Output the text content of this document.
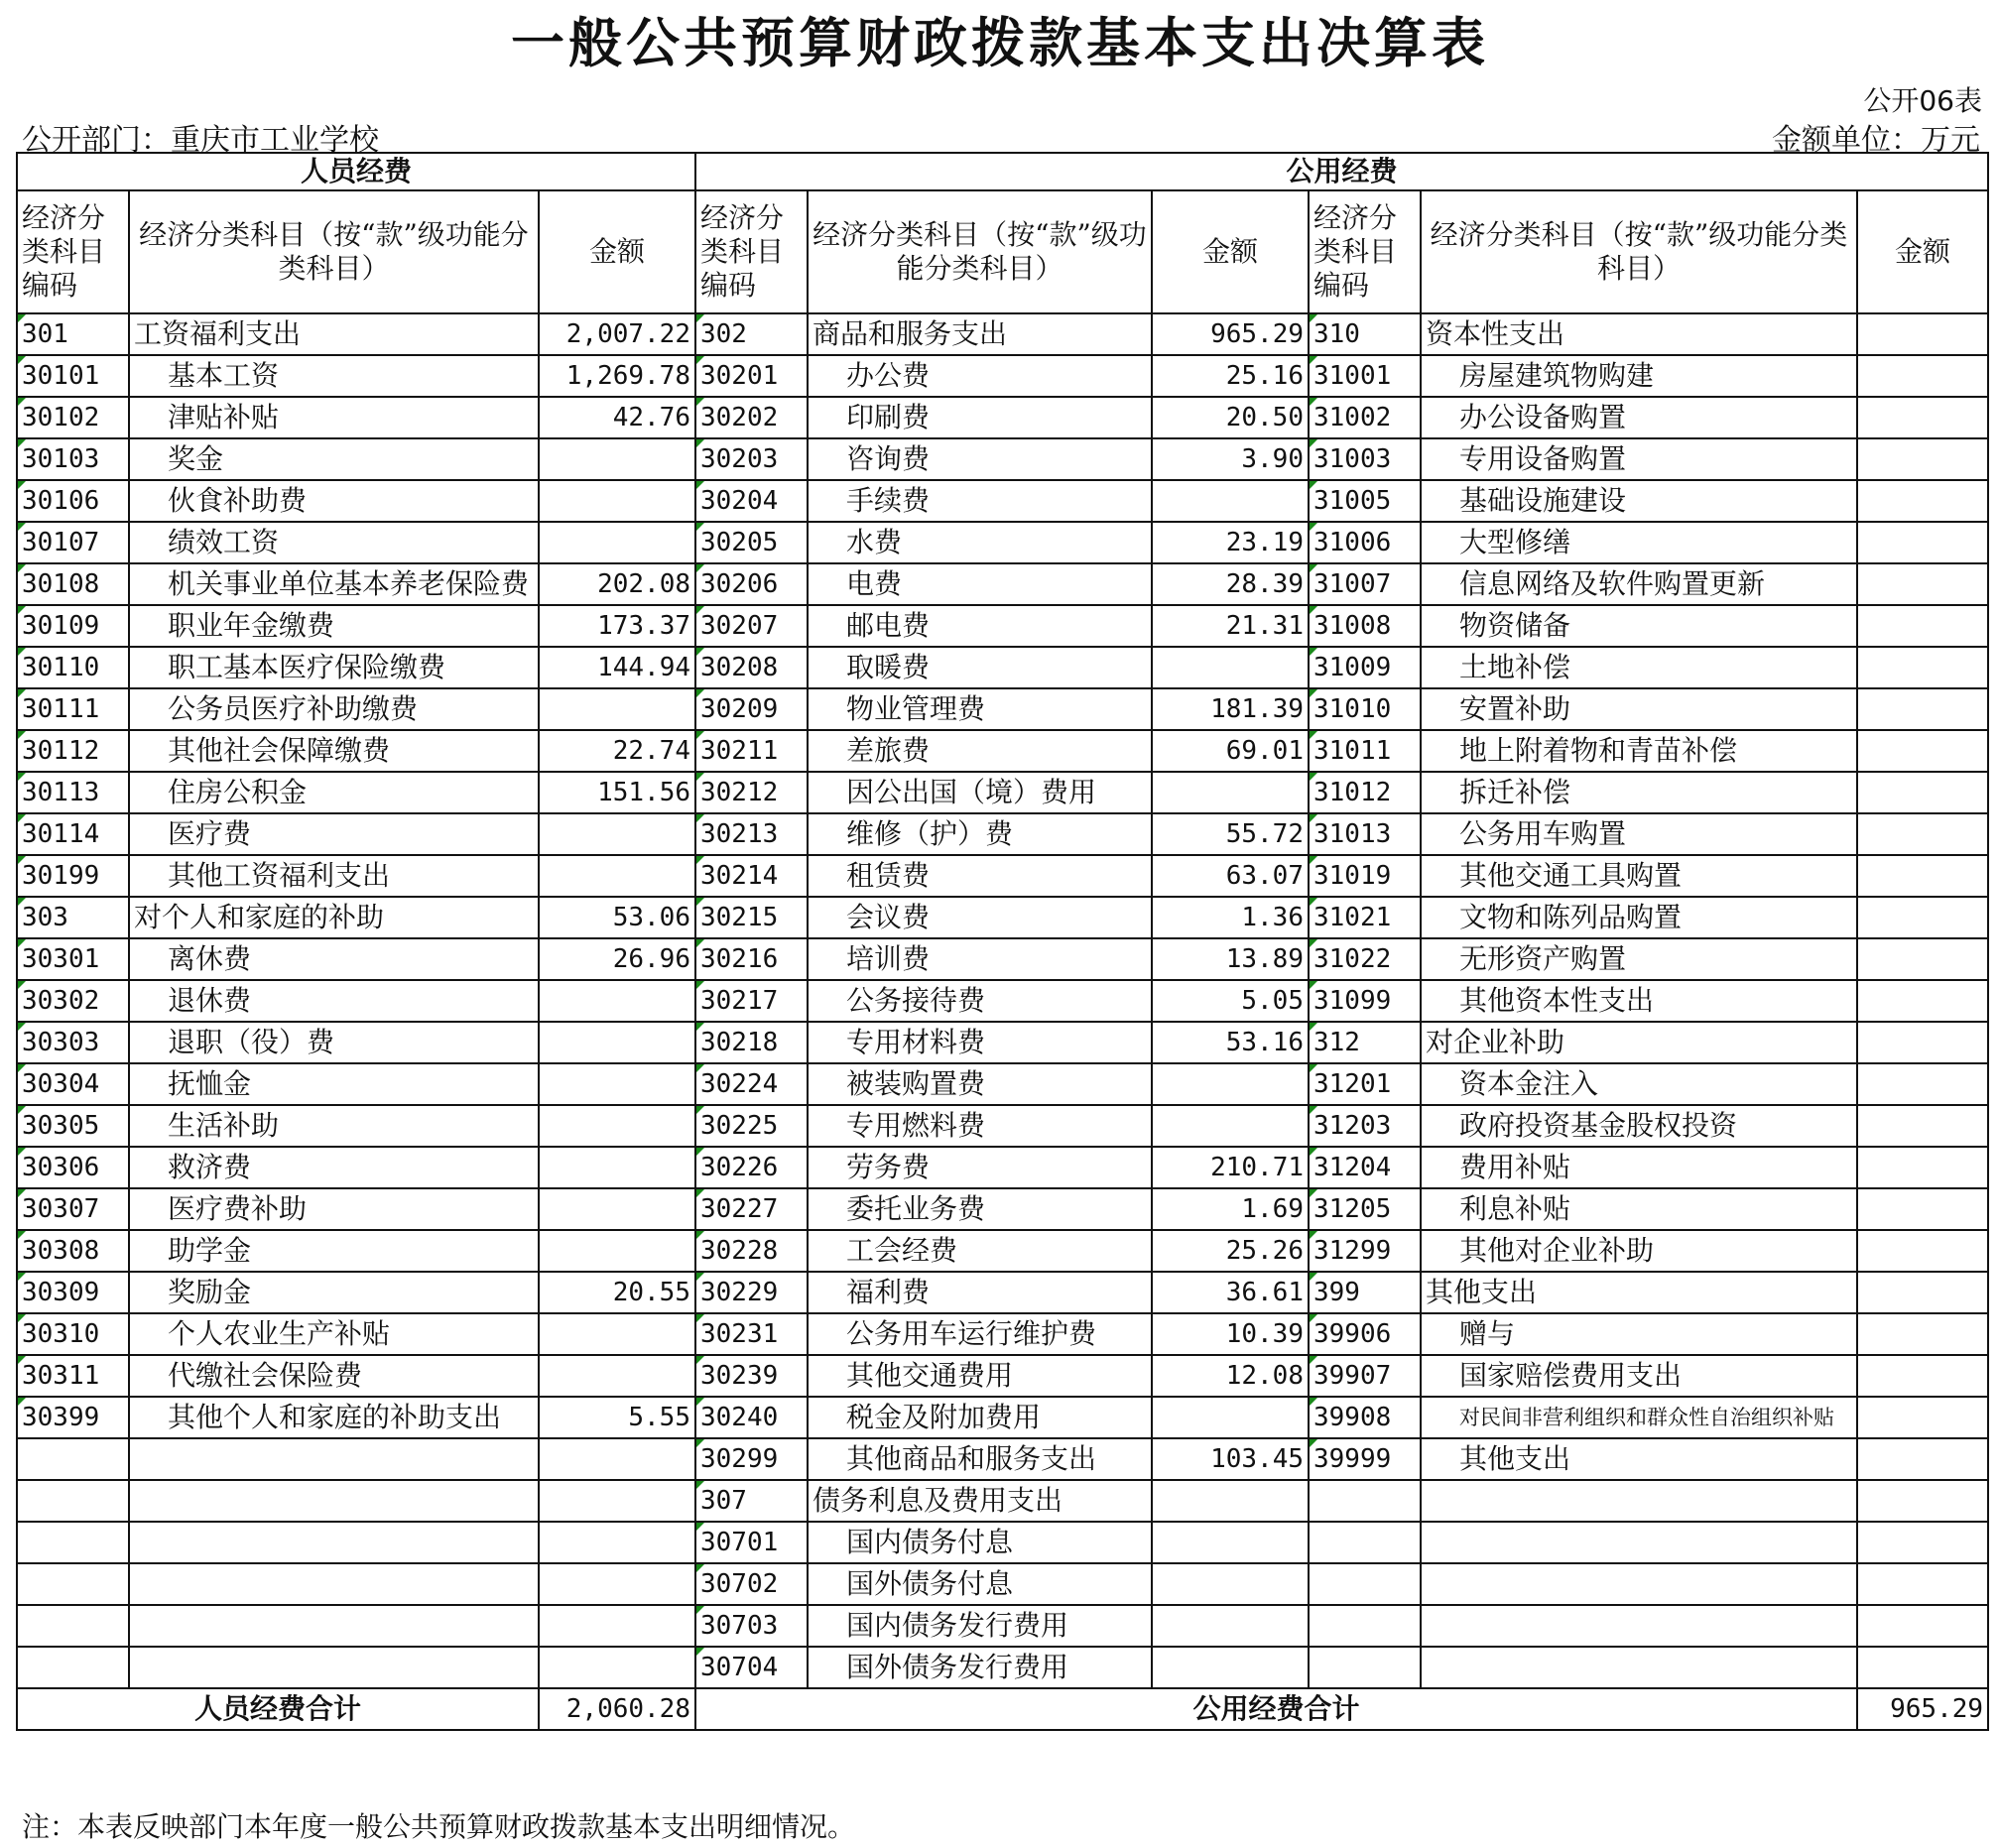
一般公共预算财政拨款基本支出决算表
公开06表
公开部门：重庆市工业学校	金额单位：万元
人员经费			公用经费					
经济分类科目编码	经济分类科目（按“款”级功能分类科目）	金额	经济分类科目编码	经济分类科目（按“款”级功能分类科目）	金额	经济分类科目编码	经济分类科目（按“款”级功能分类科目）	金额
301	工资福利支出	2,007.22	302	商品和服务支出	965.29	310	资本性支出	
30101	基本工资	1,269.78	30201	办公费	25.16	31001	房屋建筑物购建	
30102	津贴补贴	42.76	30202	印刷费	20.50	31002	办公设备购置	
30103	奖金		30203	咨询费	3.90	31003	专用设备购置	
30106	伙食补助费		30204	手续费		31005	基础设施建设	
30107	绩效工资		30205	水费	23.19	31006	大型修缮	
30108	机关事业单位基本养老保险费	202.08	30206	电费	28.39	31007	信息网络及软件购置更新	
30109	职业年金缴费	173.37	30207	邮电费	21.31	31008	物资储备	
30110	职工基本医疗保险缴费	144.94	30208	取暖费		31009	土地补偿	
30111	公务员医疗补助缴费		30209	物业管理费	181.39	31010	安置补助	
30112	其他社会保障缴费	22.74	30211	差旅费	69.01	31011	地上附着物和青苗补偿	
30113	住房公积金	151.56	30212	因公出国（境）费用		31012	拆迁补偿	
30114	医疗费		30213	维修（护）费	55.72	31013	公务用车购置	
30199	其他工资福利支出		30214	租赁费	63.07	31019	其他交通工具购置	
303	对个人和家庭的补助	53.06	30215	会议费	1.36	31021	文物和陈列品购置	
30301	离休费	26.96	30216	培训费	13.89	31022	无形资产购置	
30302	退休费		30217	公务接待费	5.05	31099	其他资本性支出	
30303	退职（役）费		30218	专用材料费	53.16	312	对企业补助	
30304	抚恤金		30224	被装购置费		31201	资本金注入	
30305	生活补助		30225	专用燃料费		31203	政府投资基金股权投资	
30306	救济费		30226	劳务费	210.71	31204	费用补贴	
30307	医疗费补助		30227	委托业务费	1.69	31205	利息补贴	
30308	助学金		30228	工会经费	25.26	31299	其他对企业补助	
30309	奖励金	20.55	30229	福利费	36.61	399	其他支出	
30310	个人农业生产补贴		30231	公务用车运行维护费	10.39	39906	赠与	
30311	代缴社会保险费		30239	其他交通费用	12.08	39907	国家赔偿费用支出	
30399	其他个人和家庭的补助支出	5.55	30240	税金及附加费用		39908	对民间非营利组织和群众性自治组织补贴	
			30299	其他商品和服务支出	103.45	39999	其他支出	
			307	债务利息及费用支出				
			30701	国内债务付息				
			30702	国外债务付息				
			30703	国内债务发行费用				
			30704	国外债务发行费用				
人员经费合计		2,060.28	公用经费合计					965.29
注：本表反映部门本年度一般公共预算财政拨款基本支出明细情况。
